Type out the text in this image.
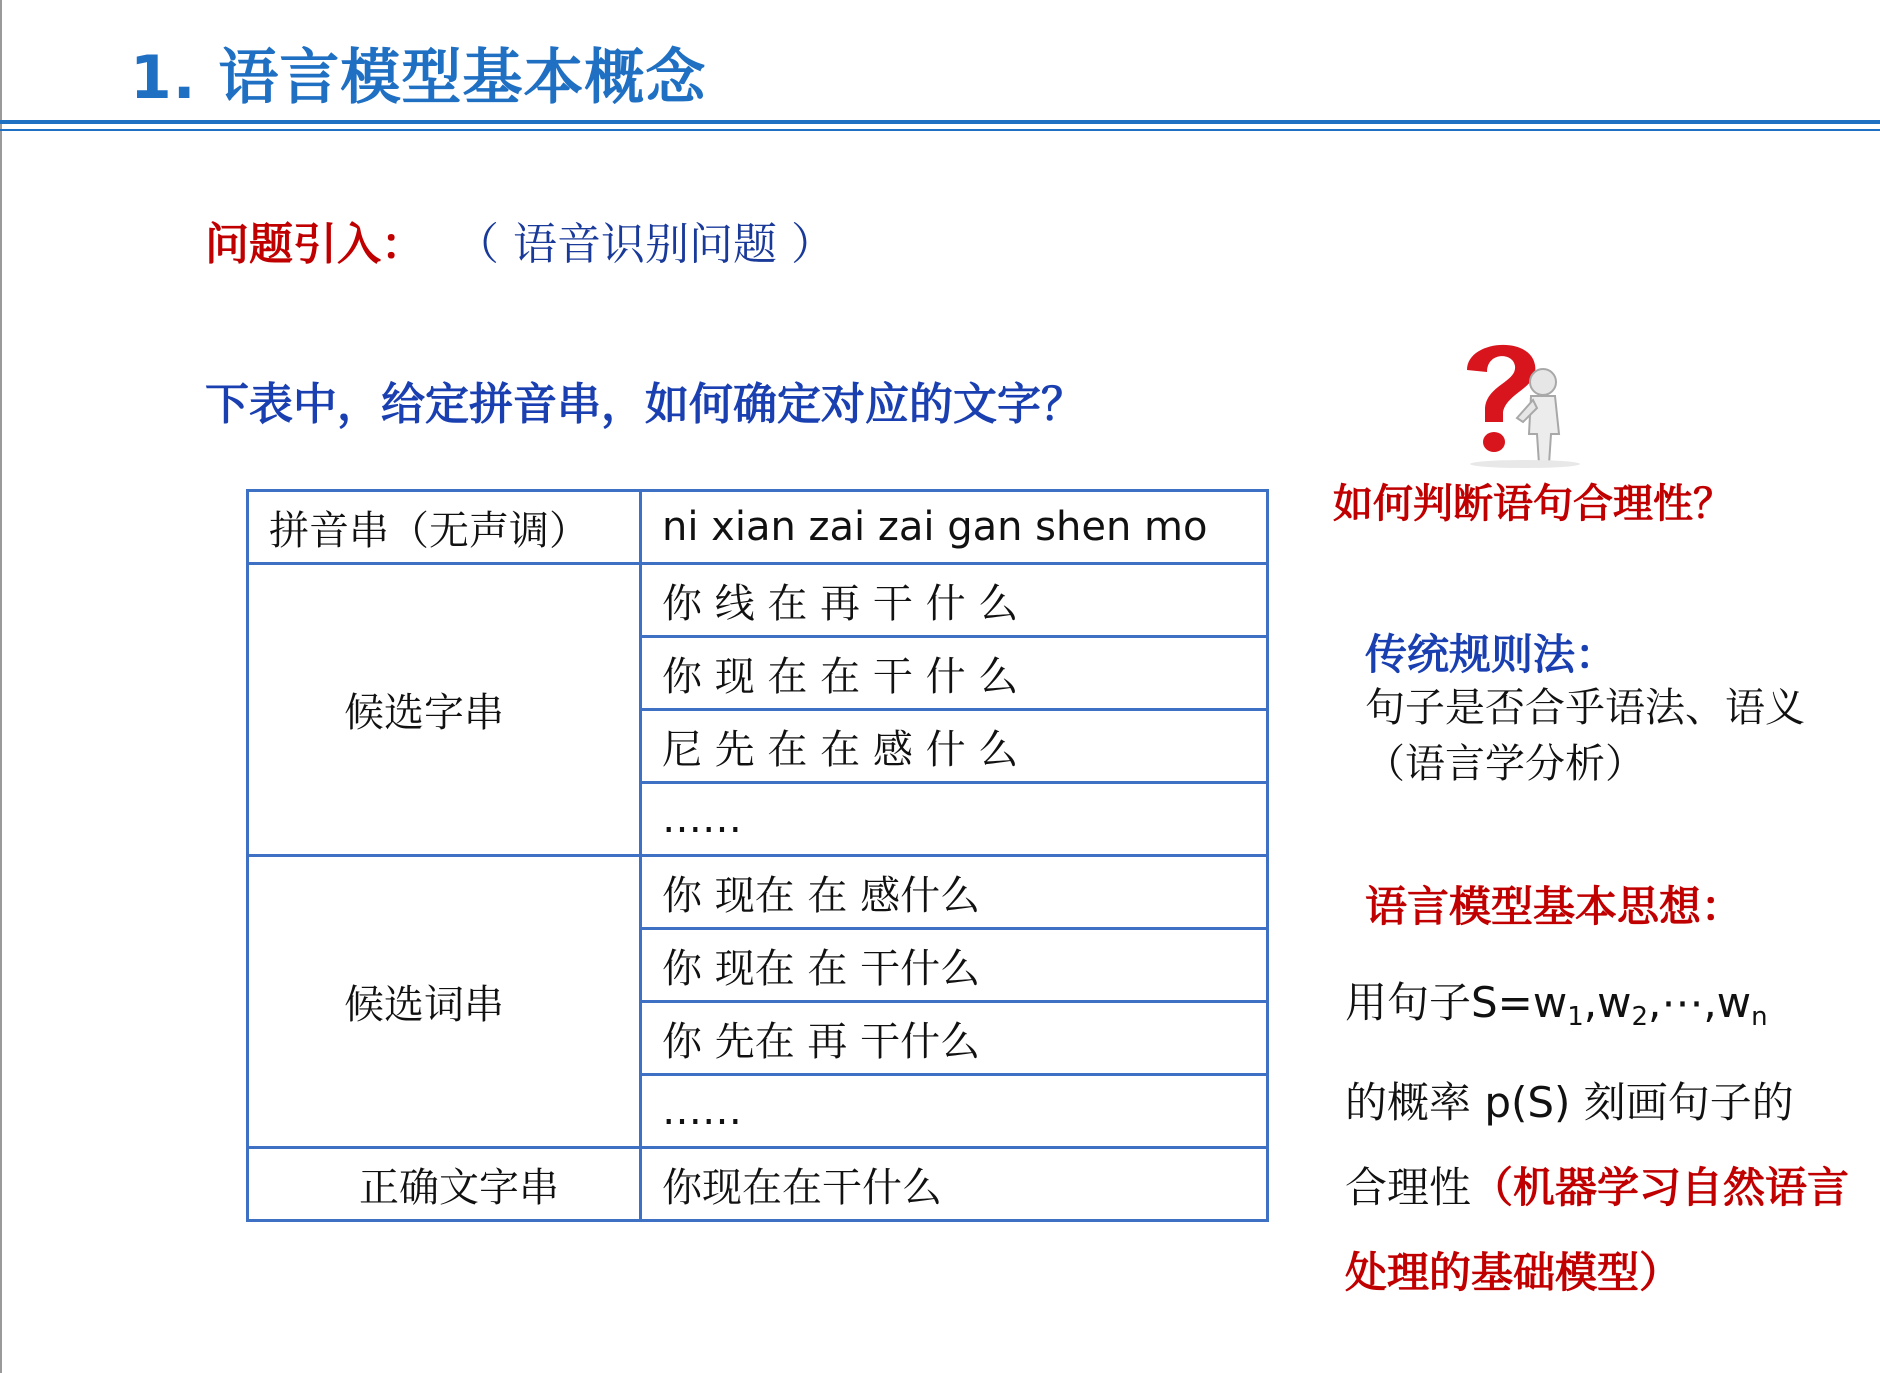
1. 语言模型基本概念
问题引入： （ 语音识别问题 ）
下表中，给定拼音串，如何确定对应的文字？
拼音串（无声调）	ni xian zai zai gan shen mo
候选字串	你 线 在 再 干 什 么
	你 现 在 在 干 什 么
	尼 先 在 在 感 什 么
	……
候选词串	你 现在 在 感什么
	你 现在 在 干什么
	你 先在 再 干什么
	……
正确文字串	你现在在干什么
如何判断语句合理性？
传统规则法：
句子是否合乎语法、语义（语言学分析）
语言模型基本思想：
用句子$S=w_1,w_2,\cdots,w_n$
的概率 p(S) 刻画句子的
合理性（机器学习自然语言处理的基础模型）
